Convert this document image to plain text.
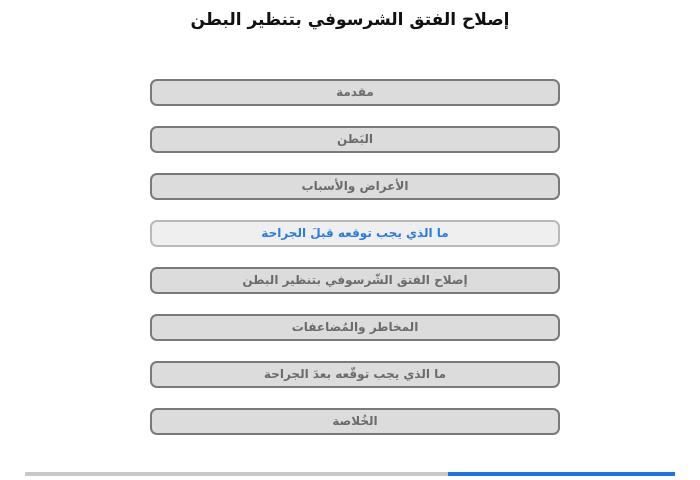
إصلاح الفتق الشرسوفي بتنظير البطن
مقدمة
البَطن
الأعراض والأسباب
ما الذي يجب توقعه قبلَ الجراحة
إصلاح الفتق الشّرسوفي بتنظير البطن
المخاطر والمُضاعفات
ما الذي يجب توقّعه بعدَ الجراحة
الخُلاصة
